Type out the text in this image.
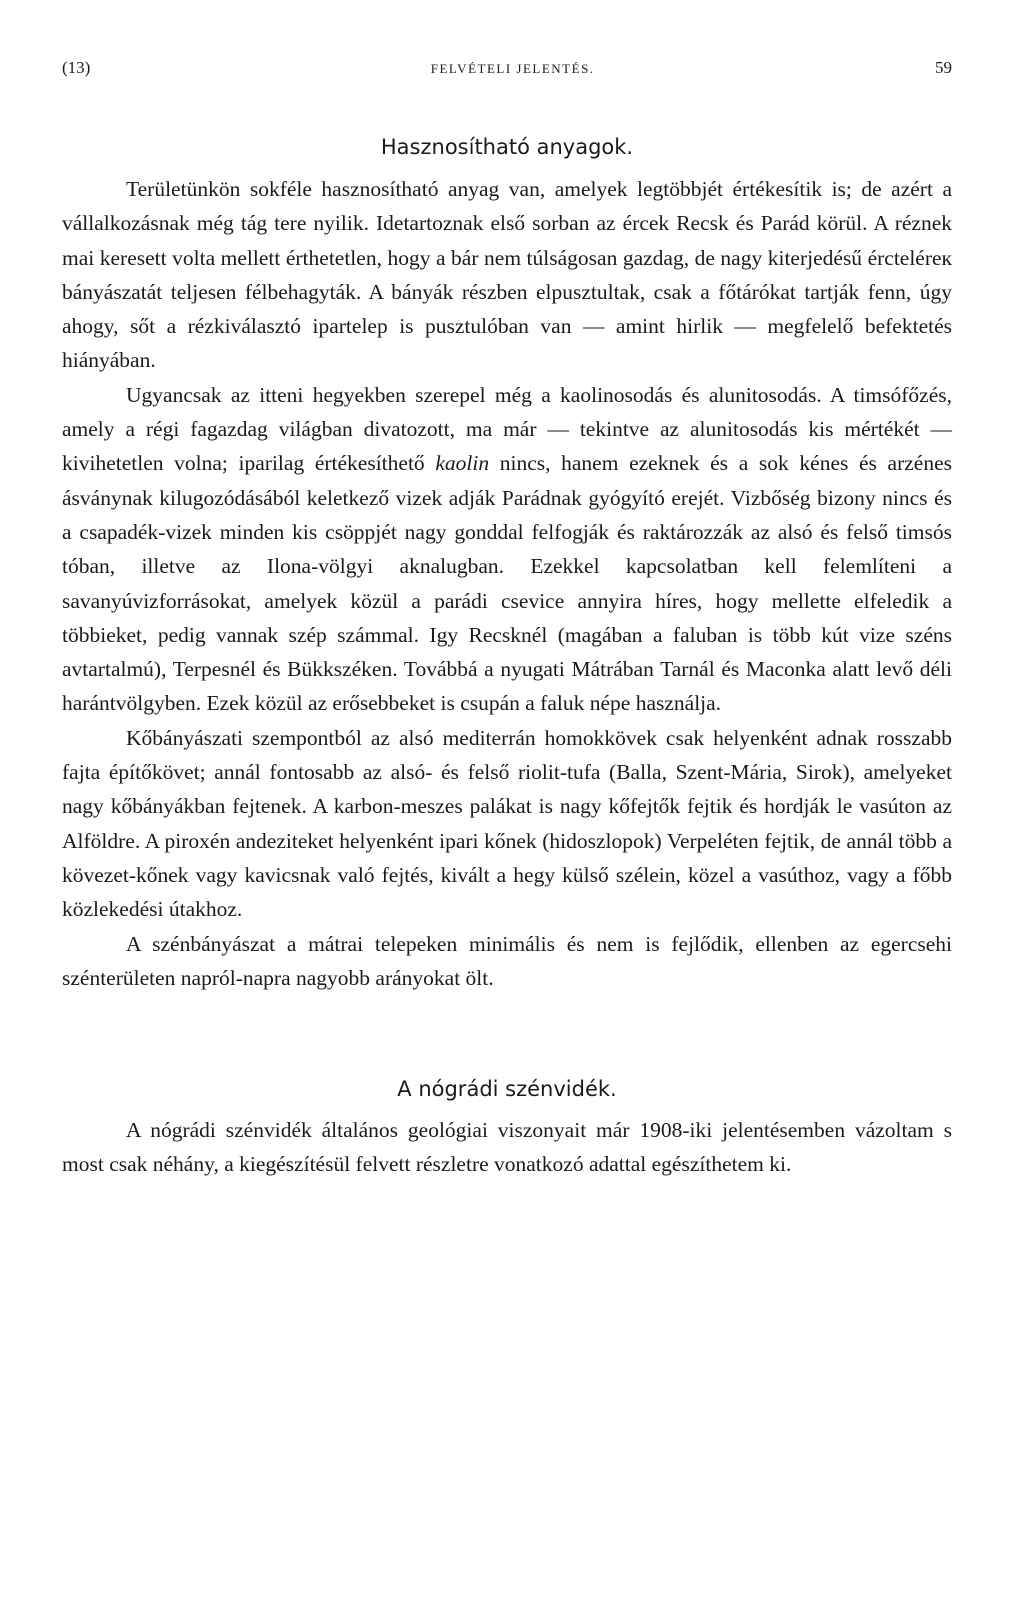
(13)	FELVÉTELI JELENTÉS.	59
Hasznosítható anyagok.

Területünkön sokféle hasznosítható anyag van, amelyek legtöbbjét értékesítik is; de azért a vállalkozásnak még tág tere nyilik. Idetartoznak első sorban az ércek Recsk és Parád körül. A réznek mai keresett volta mellett érthetetlen, hogy a bár nem túlságosan gazdag, de nagy kiterjedésű ércteléreк bányászatát teljesen félbehagyták. A bányák részben elpusztultak, csak a főtárókat tartják fenn, úgy ahogy, sőt a rézkiválasztó ipartelep is pusztulóban van — amint hirlik — megfelelő befektetés hiányában.

Ugyancsak az itteni hegyekben szerepel még a kaolinosodás és alunitosodás. A timsófőzés, amely a régi fagazdag világban divatozott, ma már — tekintve az alunitosodás kis mértékét — kivihetetlen volna; iparilag értékesíthető kaolin nincs, hanem ezeknek és a sok kénes és arzénes ásványnak kilugozódásából keletkező vizek adják Parádnak gyógyító erejét. Vizbőség bizony nincs és a csapadék-vizek minden kis csöppjét nagy gonddal felfogják és raktározzák az alsó és felső timsós tóban, illetve az Ilona-völgyi aknalugban. Ezekkel kapcsolatban kell felemlíteni a savanyúvizforrásokat, amelyek közül a parádi csevice annyira híres, hogy mellette elfeledik a többieket, pedig vannak szép számmal. Igy Recsknél (magában a faluban is több kút vize széns avtartalmú), Terpesnél és Bükkszéken. Továbbá a nyugati Mátrában Tarnál és Maconka alatt levő déli harántvölgyben. Ezek közül az erősebbeket is csupán a faluk népe használja.

Kőbányászati szempontból az alsó mediterrán homokkövek csak helyenként adnak rosszabb fajta építőkövet; annál fontosabb az alsó- és felső riolit-tufa (Balla, Szent-Mária, Sirok), amelyeket nagy kőbányákban fejtenek. A karbon-meszes palákat is nagy kőfejtők fejtik és hordják le vasúton az Alföldre. A piroxén andeziteket helyenként ipari kőnek (hidoszlopok) Verpeléten fejtik, de annál több a kövezet-kőnek vagy kavicsnak való fejtés, kivált a hegy külső szélein, közel a vasúthoz, vagy a főbb közlekedési útakhoz.

A szénbányászat a mátrai telepeken minimális és nem is fejlődik, ellenben az egercsehi szénterületen napról-napra nagyobb arányokat ölt.

A nógrádi szénvidék.

A nógrádi szénvidék általános geológiai viszonyait már 1908-iki jelentésemben vázoltam s most csak néhány, a kiegészítésül felvett részletre vonatkozó adattal egészíthetem ki.
